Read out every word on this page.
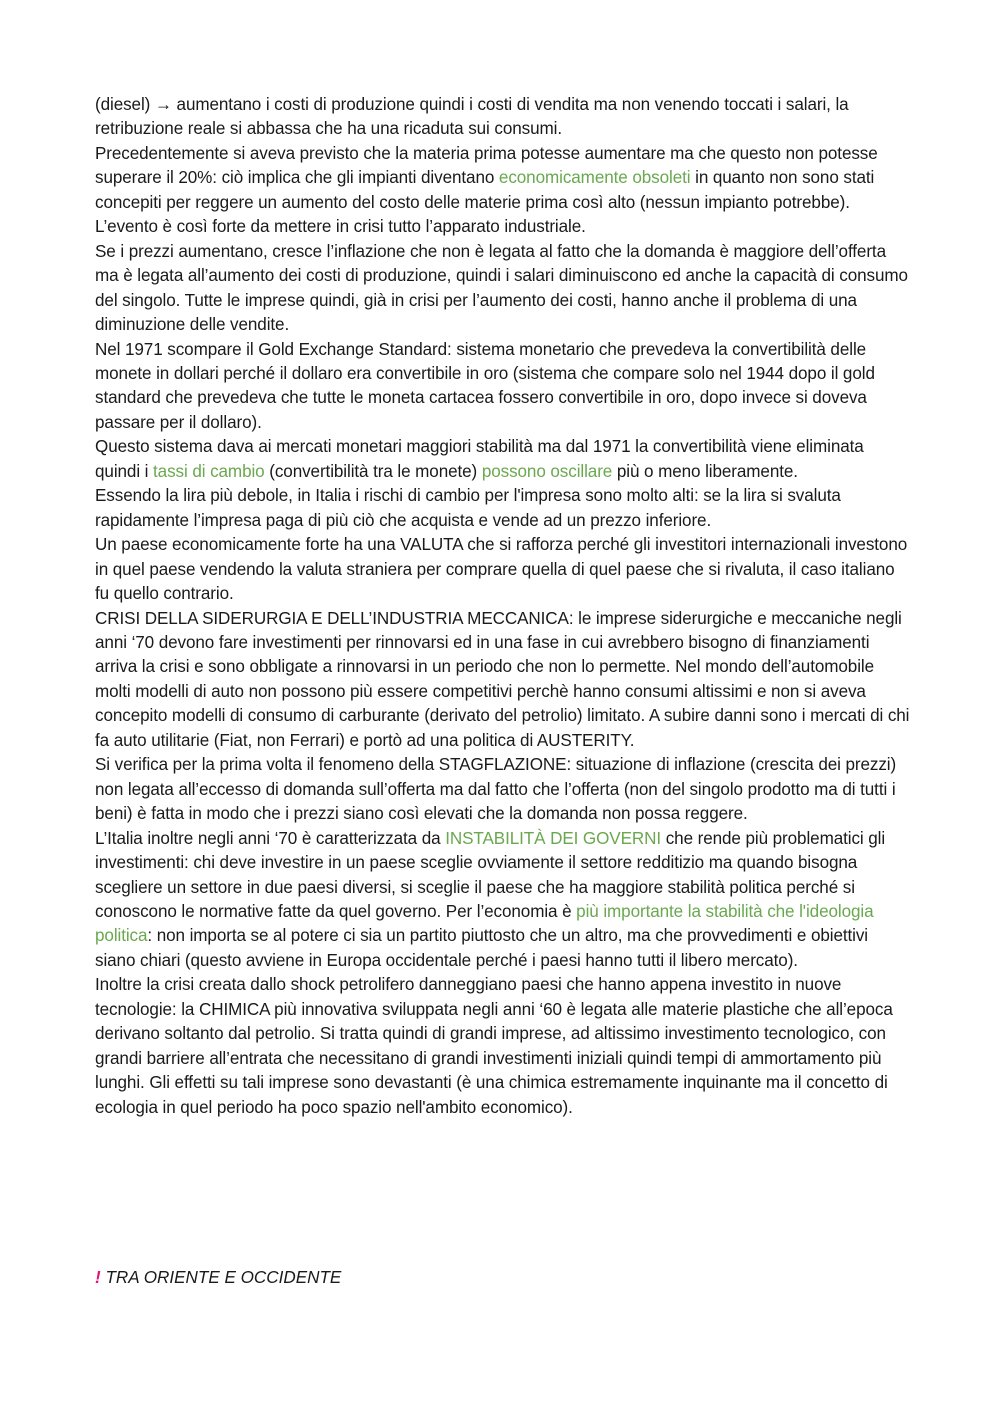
(diesel) → aumentano i costi di produzione quindi i costi di vendita ma non venendo toccati i salari, la retribuzione reale si abbassa che ha una ricaduta sui consumi.

Precedentemente si aveva previsto che la materia prima potesse aumentare ma che questo non potesse superare il 20%: ciò implica che gli impianti diventano economicamente obsoleti in quanto non sono stati concepiti per reggere un aumento del costo delle materie prima così alto (nessun impianto potrebbe). L’evento è così forte da mettere in crisi tutto l’apparato industriale.

Se i prezzi aumentano, cresce l’inflazione che non è legata al fatto che la domanda è maggiore dell’offerta ma è legata all’aumento dei costi di produzione, quindi i salari diminuiscono ed anche la capacità di consumo del singolo. Tutte le imprese quindi, già in crisi per l’aumento dei costi, hanno anche il problema di una diminuzione delle vendite.

Nel 1971 scompare il Gold Exchange Standard: sistema monetario che prevedeva la convertibilità delle monete in dollari perché il dollaro era convertibile in oro (sistema che compare solo nel 1944 dopo il gold standard che prevedeva che tutte le moneta cartacea fossero convertibile in oro, dopo invece si doveva passare per il dollaro).

Questo sistema dava ai mercati monetari maggiori stabilità ma dal 1971 la convertibilità viene eliminata quindi i tassi di cambio (convertibilità tra le monete) possono oscillare più o meno liberamente.

Essendo la lira più debole, in Italia i rischi di cambio per l'impresa sono molto alti: se la lira si svaluta rapidamente l’impresa paga di più ciò che acquista e vende ad un prezzo inferiore.

Un paese economicamente forte ha una VALUTA che si rafforza perché gli investitori internazionali investono in quel paese vendendo la valuta straniera per comprare quella di quel paese che si rivaluta, il caso italiano fu quello contrario.

CRISI DELLA SIDERURGIA E DELL’INDUSTRIA MECCANICA: le imprese siderurgiche e meccaniche negli anni ‘70 devono fare investimenti per rinnovarsi ed in una fase in cui avrebbero bisogno di finanziamenti arriva la crisi e sono obbligate a rinnovarsi in un periodo che non lo permette. Nel mondo dell’automobile molti modelli di auto non possono più essere competitivi perchè hanno consumi altissimi e non si aveva concepito modelli di consumo di carburante (derivato del petrolio) limitato. A subire danni sono i mercati di chi fa auto utilitarie (Fiat, non Ferrari) e portò ad una politica di AUSTERITY.

Si verifica per la prima volta il fenomeno della STAGFLAZIONE: situazione di inflazione (crescita dei prezzi) non legata all’eccesso di domanda sull’offerta ma dal fatto che l’offerta (non del singolo prodotto ma di tutti i beni) è fatta in modo che i prezzi siano così elevati che la domanda non possa reggere.

L’Italia inoltre negli anni ‘70 è caratterizzata da INSTABILITÀ DEI GOVERNI che rende più problematici gli investimenti: chi deve investire in un paese sceglie ovviamente il settore redditizio ma quando bisogna scegliere un settore in due paesi diversi, si sceglie il paese che ha maggiore stabilità politica perché si conoscono le normative fatte da quel governo. Per l’economia è più importante la stabilità che l'ideologia politica: non importa se al potere ci sia un partito piuttosto che un altro, ma che provvedimenti e obiettivi siano chiari (questo avviene in Europa occidentale perché i paesi hanno tutti il libero mercato).

Inoltre la crisi creata dallo shock petrolifero danneggiano paesi che hanno appena investito in nuove tecnologie: la CHIMICA più innovativa sviluppata negli anni ‘60 è legata alle materie plastiche che all’epoca derivano soltanto dal petrolio. Si tratta quindi di grandi imprese, ad altissimo investimento tecnologico, con grandi barriere all’entrata che necessitano di grandi investimenti iniziali quindi tempi di ammortamento più lunghi. Gli effetti su tali imprese sono devastanti (è una chimica estremamente inquinante ma il concetto di ecologia in quel periodo ha poco spazio nell'ambito economico).

! TRA ORIENTE E OCCIDENTE
